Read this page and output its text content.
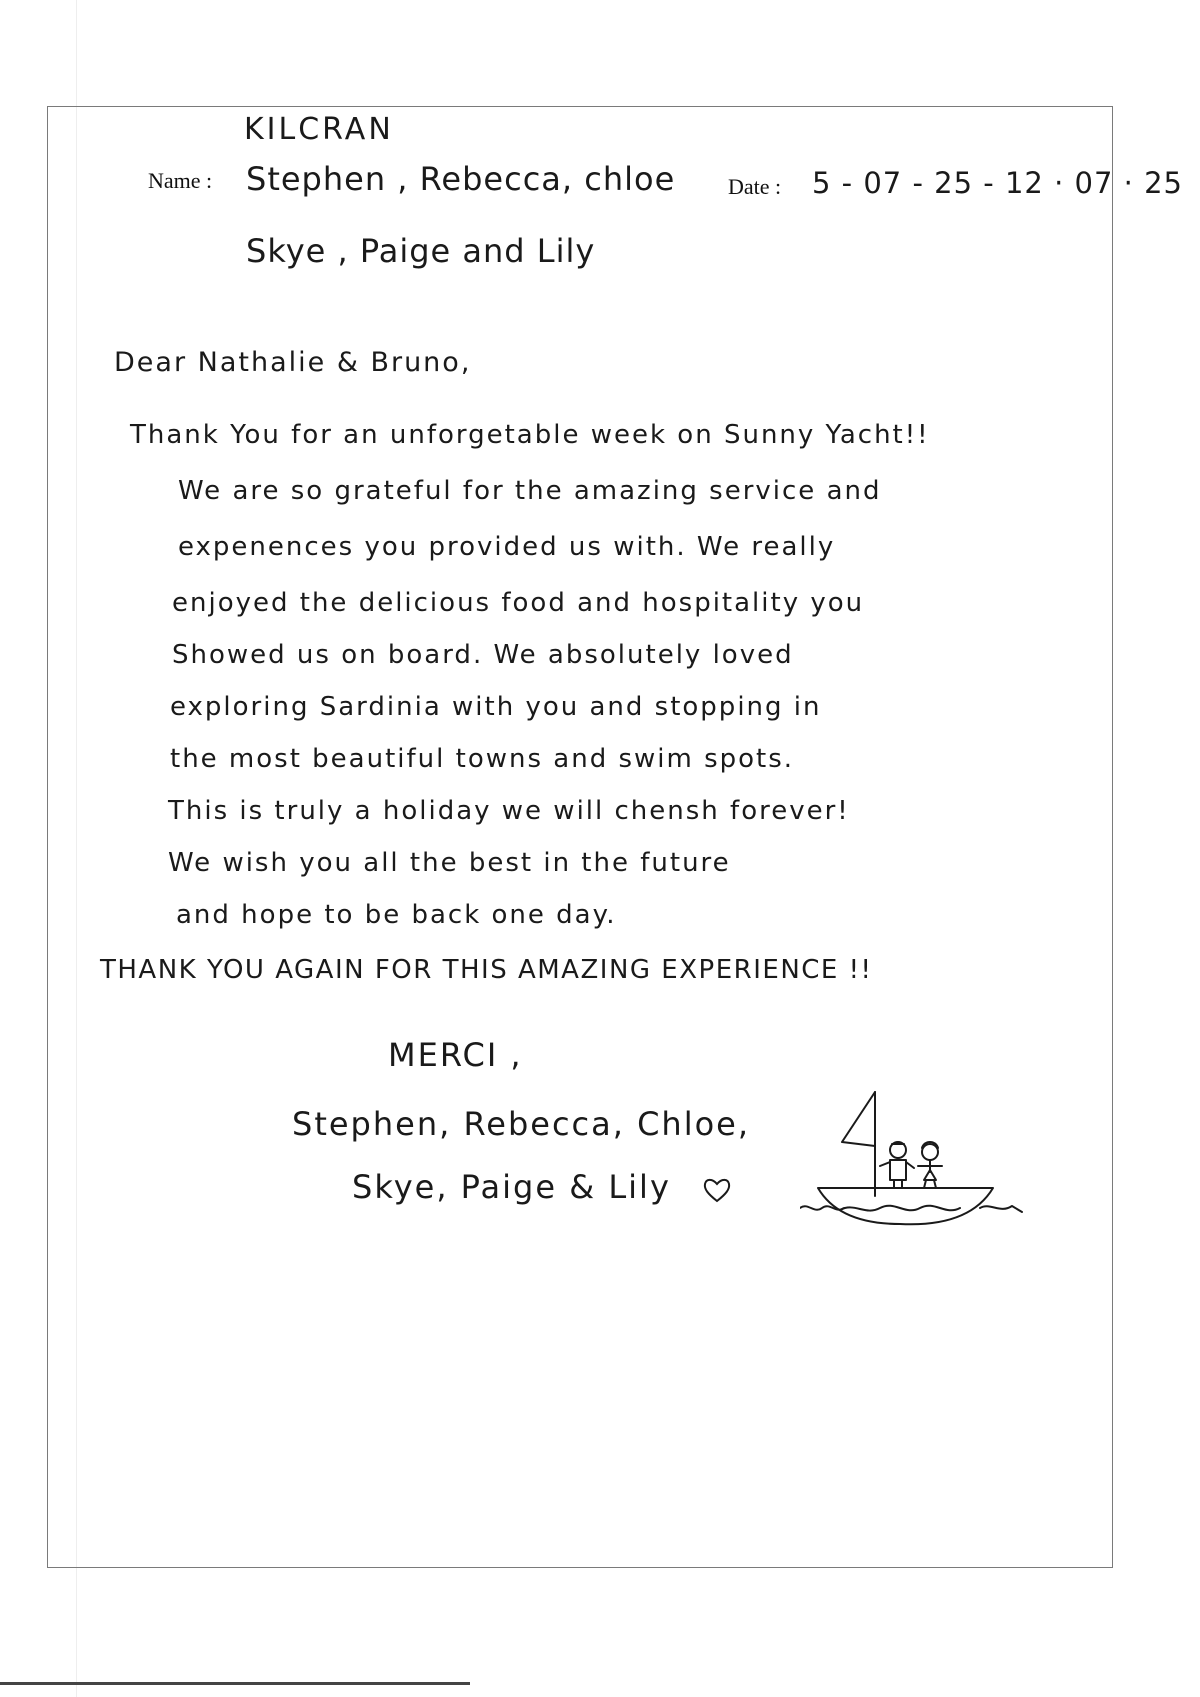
KILCRAN
Name : Stephen , Rebecca, chloe
Skye , Paige and Lily
Date : 5 - 07 - 25 - 12 · 07 · 25
Dear Nathalie & Bruno,
Thank You for an unforgetable week on Sunny Yacht!!
We are so grateful for the amazing service and
expenences you provided us with. We really
enjoyed the delicious food and hospitality you
Showed us on board. We absolutely loved
exploring Sardinia with you and stopping in
the most beautiful towns and swim spots.
This is truly a holiday we will chensh forever!
We wish you all the best in the future
and hope to be back one day.
THANK YOU AGAIN FOR THIS AMAZING EXPERIENCE !!
MERCI ,
Stephen, Rebecca, Chloe,
Skye, Paige & Lily
